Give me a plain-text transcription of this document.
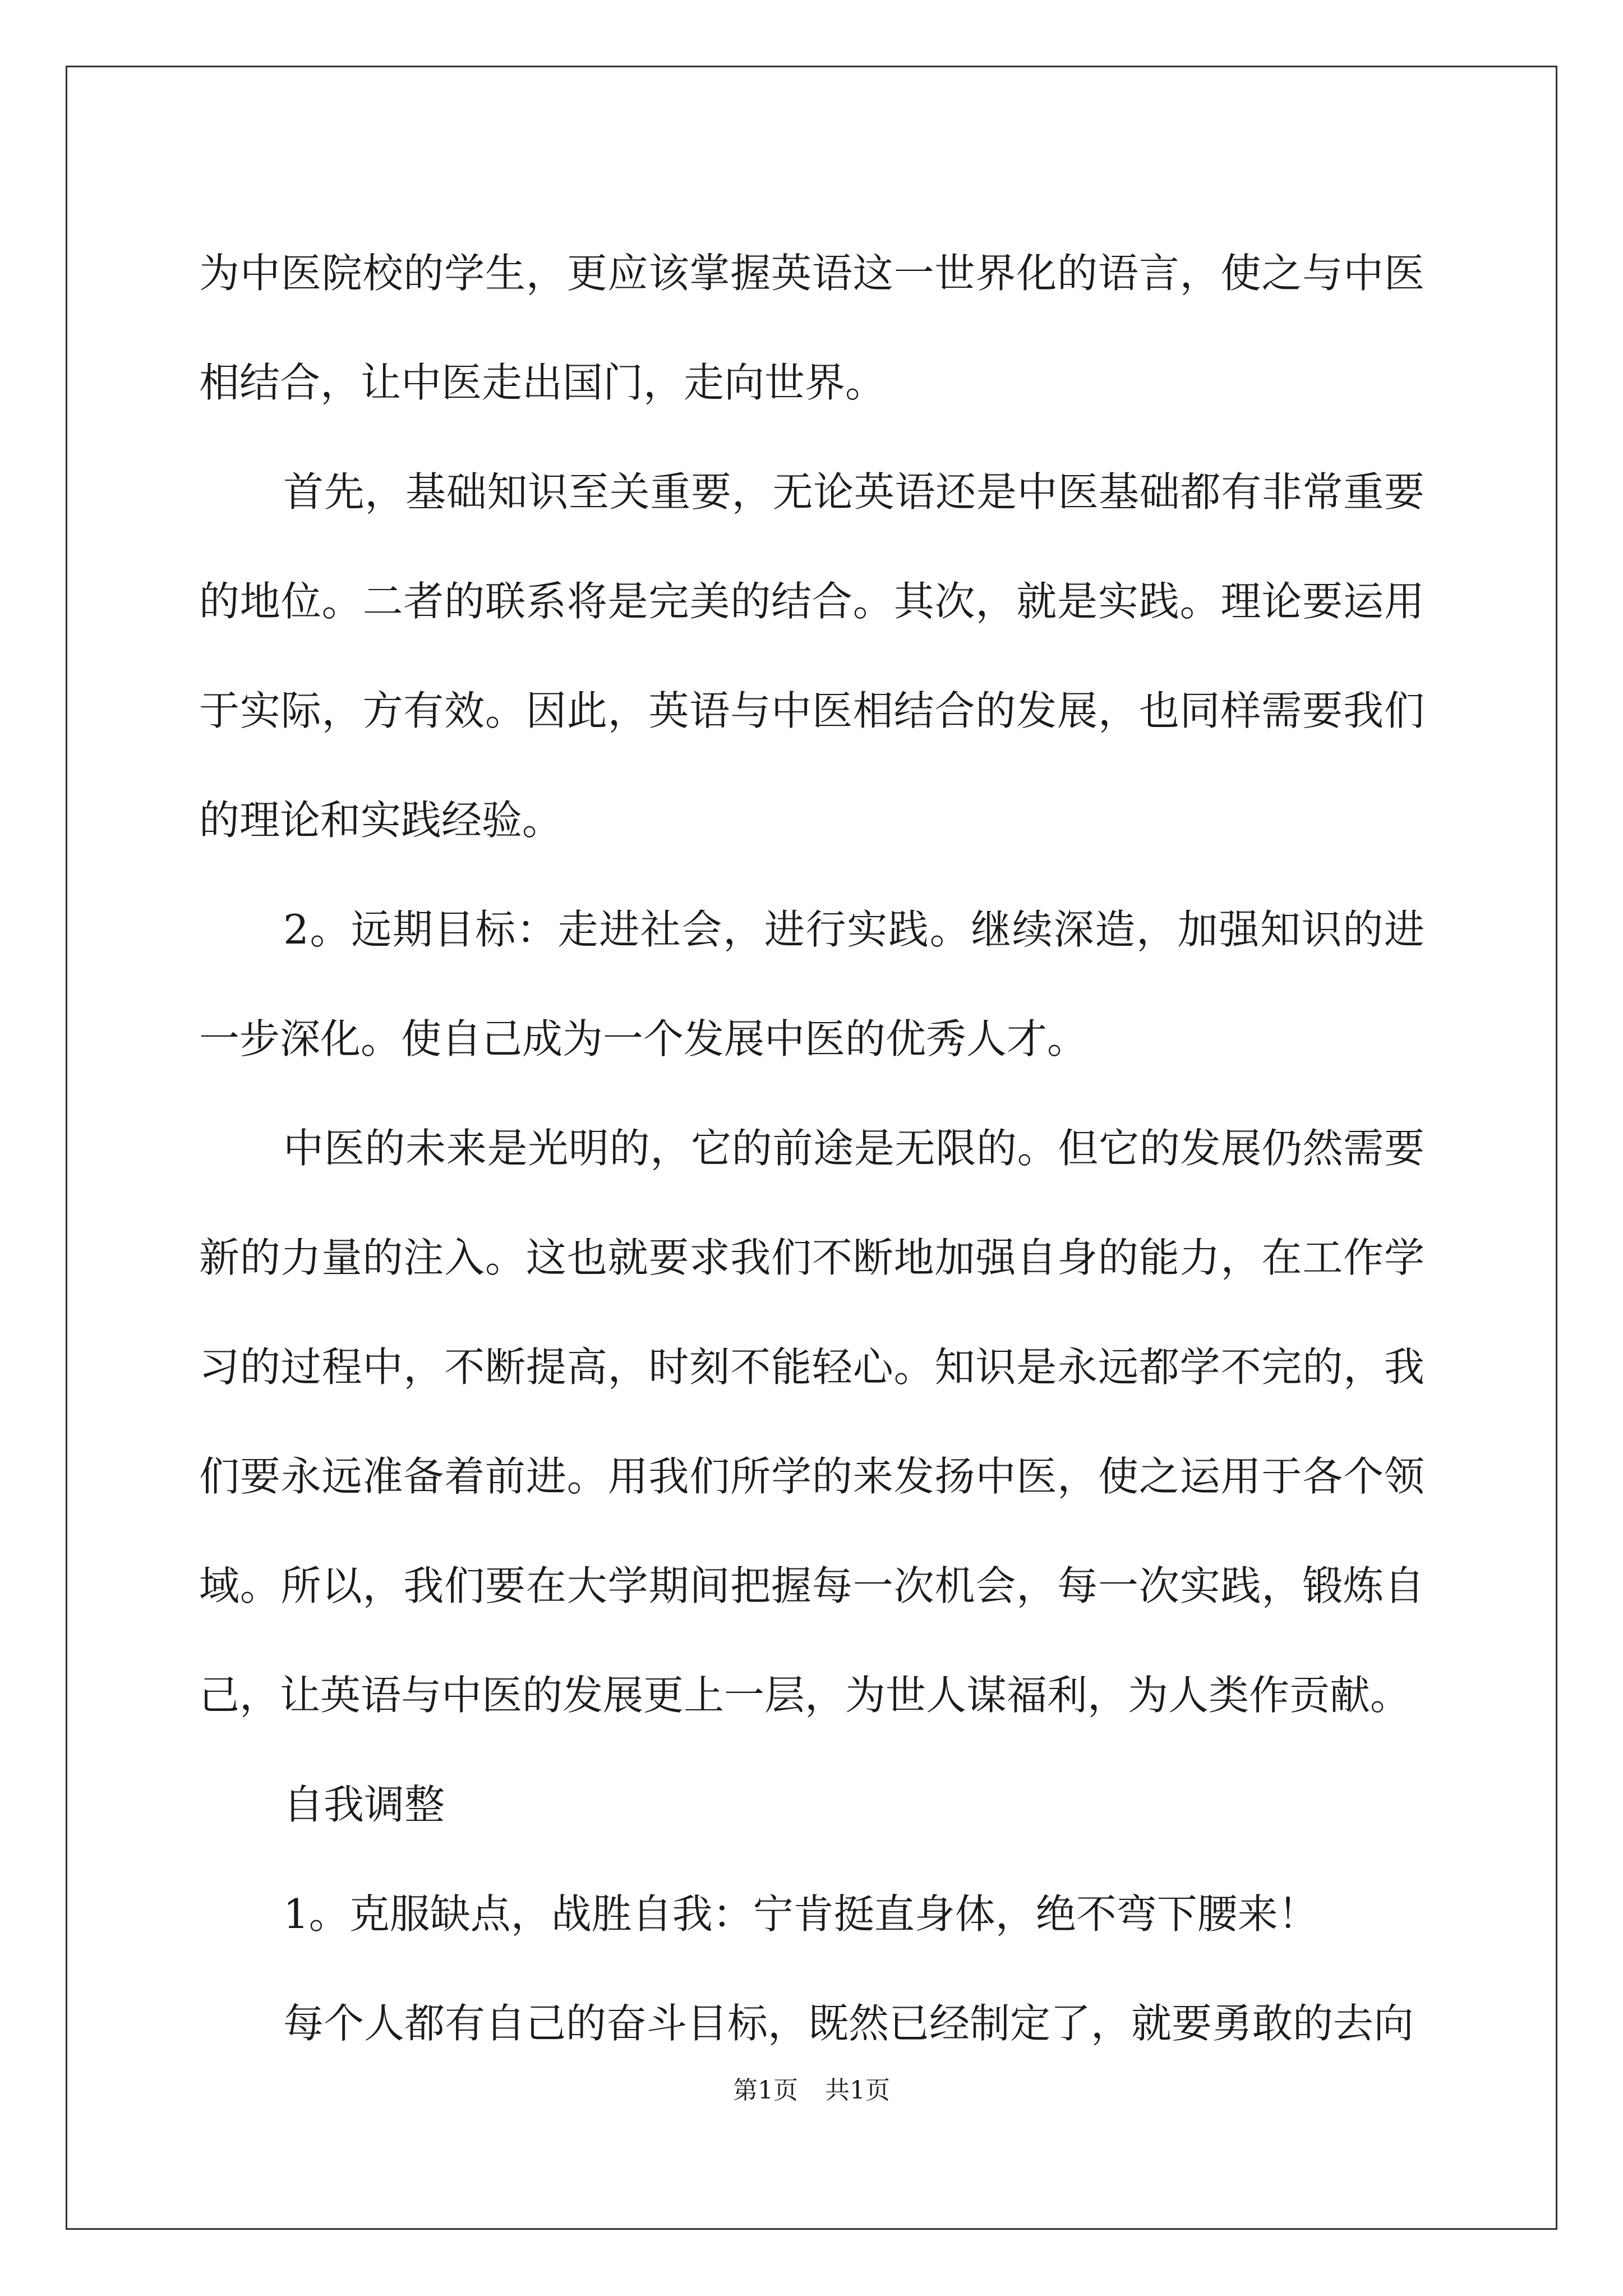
为中医院校的学生，更应该掌握英语这一世界化的语言，使之与中医相结合，让中医走出国门，走向世界。

首先，基础知识至关重要，无论英语还是中医基础都有非常重要的地位。二者的联系将是完美的结合。其次，就是实践。理论要运用于实际，方有效。因此，英语与中医相结合的发展，也同样需要我们的理论和实践经验。

2。远期目标：走进社会，进行实践。继续深造，加强知识的进一步深化。使自己成为一个发展中医的优秀人才。

中医的未来是光明的，它的前途是无限的。但它的发展仍然需要新的力量的注入。这也就要求我们不断地加强自身的能力，在工作学习的过程中，不断提高，时刻不能轻心。知识是永远都学不完的，我们要永远准备着前进。用我们所学的来发扬中医，使之运用于各个领域。所以，我们要在大学期间把握每一次机会，每一次实践，锻炼自己，让英语与中医的发展更上一层，为世人谋福利，为人类作贡献。

自我调整

1。克服缺点，战胜自我：宁肯挺直身体，绝不弯下腰来！

每个人都有自己的奋斗目标，既然已经制定了，就要勇敢的去向

第1页 共1页
